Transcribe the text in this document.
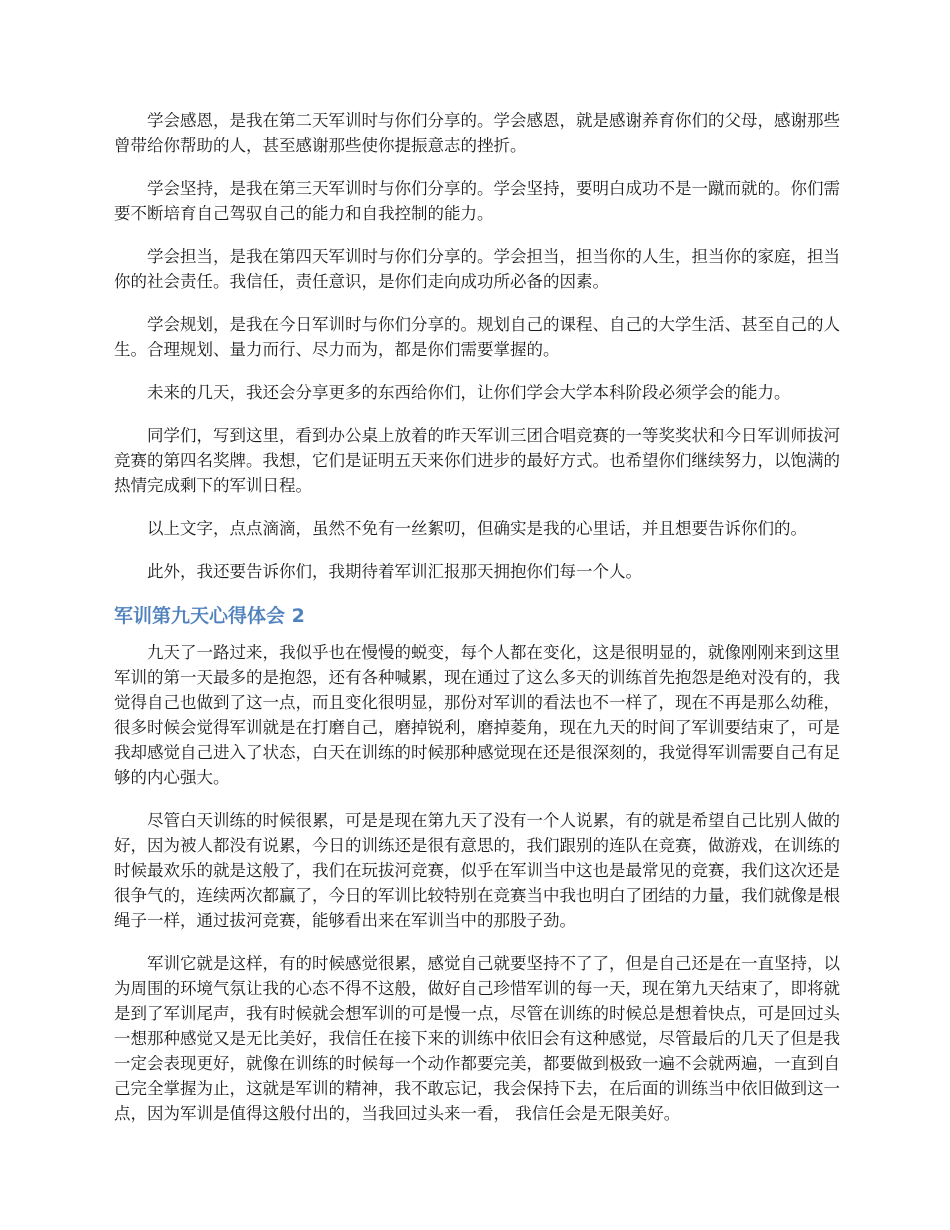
学会感恩，是我在第二天军训时与你们分享的。学会感恩，就是感谢养育你们的父母，感谢那些曾带给你帮助的人，甚至感谢那些使你提振意志的挫折。

学会坚持，是我在第三天军训时与你们分享的。学会坚持，要明白成功不是一蹴而就的。你们需要不断培育自己驾驭自己的能力和自我控制的能力。

学会担当，是我在第四天军训时与你们分享的。学会担当，担当你的人生，担当你的家庭，担当你的社会责任。我信任，责任意识，是你们走向成功所必备的因素。

学会规划，是我在今日军训时与你们分享的。规划自己的课程、自己的大学生活、甚至自己的人生。合理规划、量力而行、尽力而为，都是你们需要掌握的。

未来的几天，我还会分享更多的东西给你们，让你们学会大学本科阶段必须学会的能力。

同学们，写到这里，看到办公桌上放着的昨天军训三团合唱竞赛的一等奖奖状和今日军训师拔河竞赛的第四名奖牌。我想，它们是证明五天来你们进步的最好方式。也希望你们继续努力，以饱满的热情完成剩下的军训日程。

以上文字，点点滴滴，虽然不免有一丝絮叨，但确实是我的心里话，并且想要告诉你们的。

此外，我还要告诉你们，我期待着军训汇报那天拥抱你们每一个人。

军训第九天心得体会 2

九天了一路过来，我似乎也在慢慢的蜕变，每个人都在变化，这是很明显的，就像刚刚来到这里军训的第一天最多的是抱怨，还有各种喊累，现在通过了这么多天的训练首先抱怨是绝对没有的，我觉得自己也做到了这一点，而且变化很明显，那份对军训的看法也不一样了，现在不再是那么幼稚，很多时候会觉得军训就是在打磨自己，磨掉锐利，磨掉菱角，现在九天的时间了军训要结束了，可是我却感觉自己进入了状态，白天在训练的时候那种感觉现在还是很深刻的，我觉得军训需要自己有足够的内心强大。

尽管白天训练的时候很累，可是是现在第九天了没有一个人说累，有的就是希望自己比别人做的好，因为被人都没有说累，今日的训练还是很有意思的，我们跟别的连队在竞赛，做游戏，在训练的时候最欢乐的就是这般了，我们在玩拔河竞赛，似乎在军训当中这也是最常见的竞赛，我们这次还是很争气的，连续两次都赢了，今日的军训比较特别在竞赛当中我也明白了团结的力量，我们就像是根绳子一样，通过拔河竞赛，能够看出来在军训当中的那股子劲。

军训它就是这样，有的时候感觉很累，感觉自己就要坚持不了了，但是自己还是在一直坚持，以为周围的环境气氛让我的心态不得不这般，做好自己珍惜军训的每一天，现在第九天结束了，即将就是到了军训尾声，我有时候就会想军训的可是慢一点，尽管在训练的时候总是想着快点，可是回过头一想那种感觉又是无比美好，我信任在接下来的训练中依旧会有这种感觉，尽管最后的几天了但是我一定会表现更好，就像在训练的时候每一个动作都要完美，都要做到极致一遍不会就两遍，一直到自己完全掌握为止，这就是军训的精神，我不敢忘记，我会保持下去，在后面的训练当中依旧做到这一点，因为军训是值得这般付出的，当我回过头来一看， 我信任会是无限美好。
